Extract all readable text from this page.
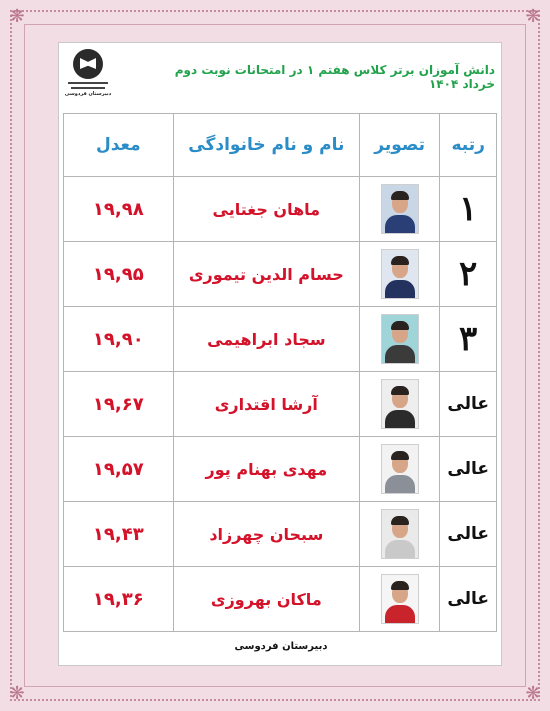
❋	❋
❋	❋
دبیرستان فردوسی
دانش آموزان برتر کلاس هفتم ۱ در امتحانات نوبت دوم خرداد ۱۴۰۴
رتبه	تصویر	نام و نام خانوادگی	معدل
۱		ماهان جغتایی	۱۹,۹۸
۲		حسام الدین تیموری	۱۹,۹۵
۳		سجاد ابراهیمی	۱۹,۹۰
عالی		آرشا اقتداری	۱۹,۶۷
عالی		مهدی بهنام پور	۱۹,۵۷
عالی		سبحان چهرزاد	۱۹,۴۳
عالی		ماکان بهروزی	۱۹,۳۶
دبیرستان فردوسی
